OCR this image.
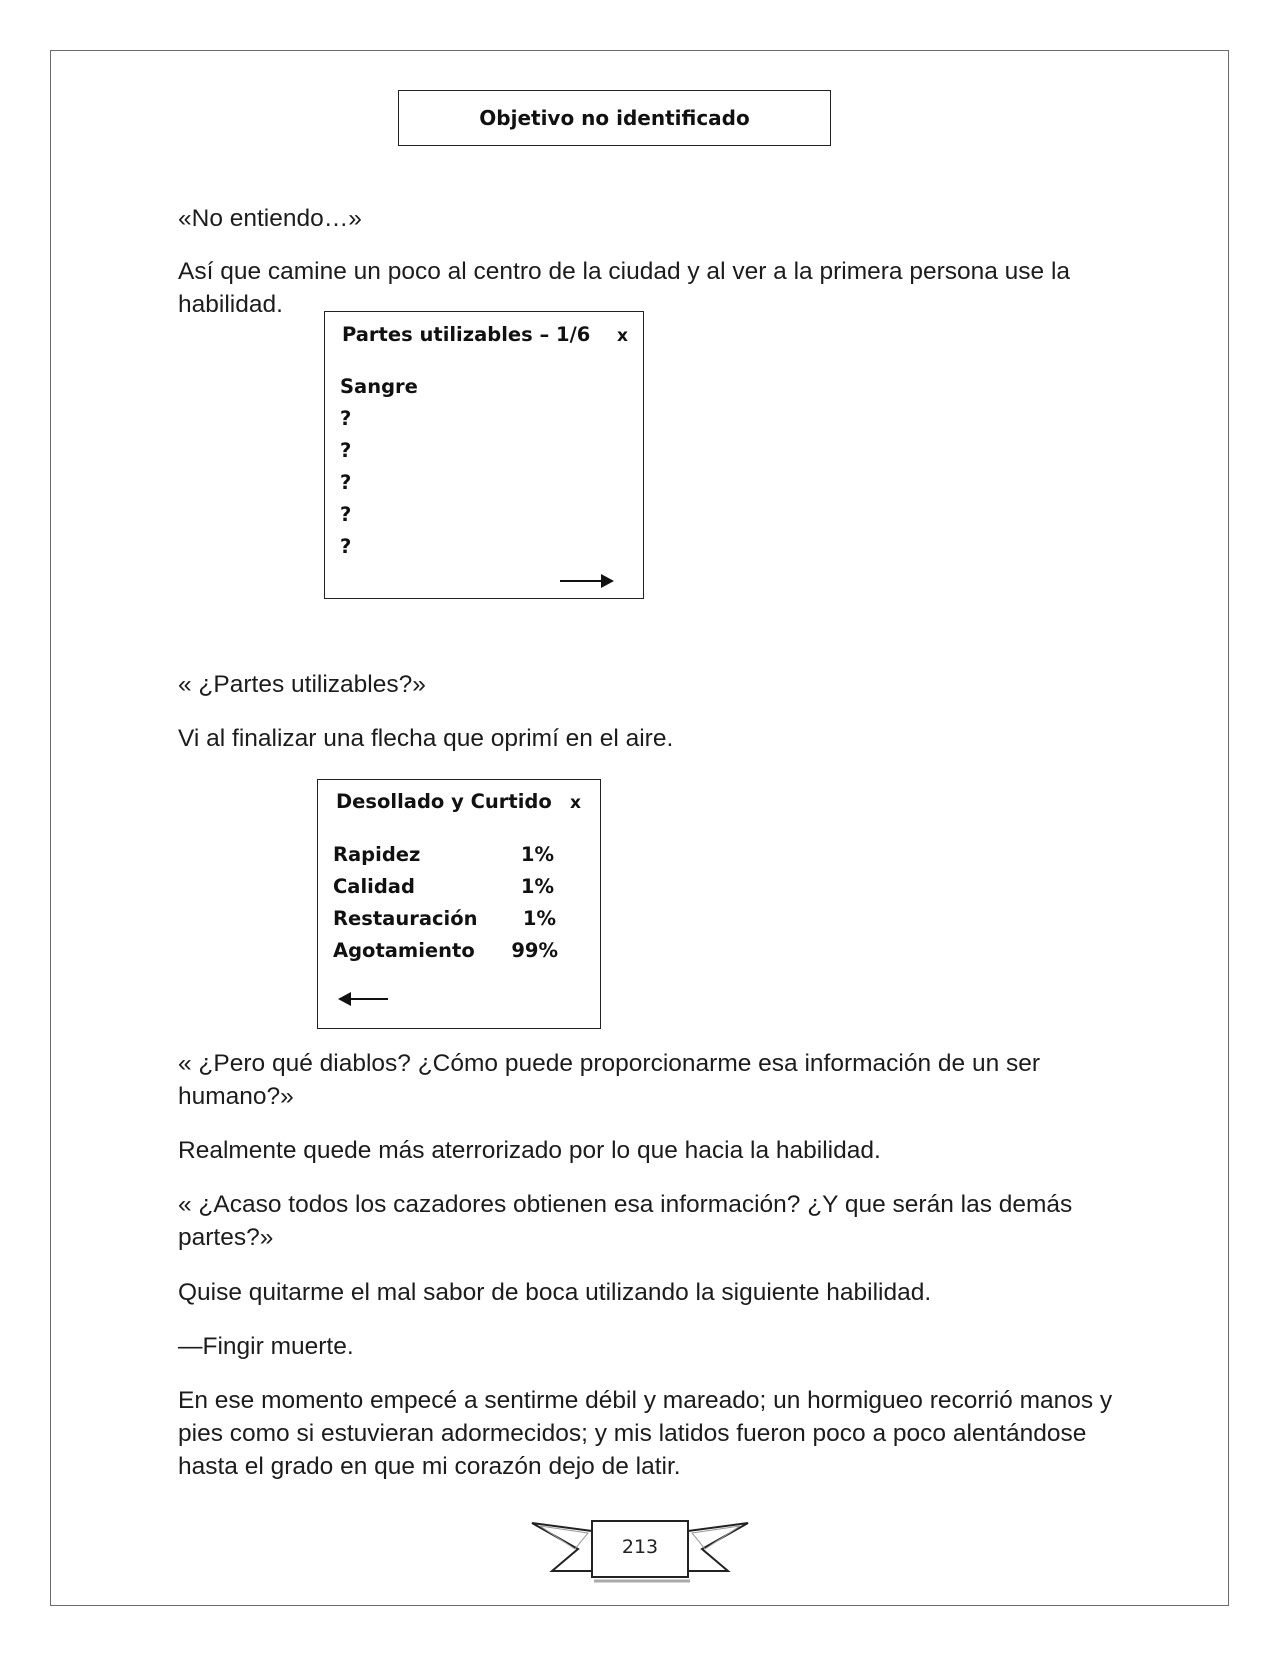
Objetivo no identificado

«No entiendo…»

Así que camine un poco al centro de la ciudad y al ver a la primera persona use la habilidad.

Partes utilizables – 1/6 x
Sangre
?
?
?
?
?

« ¿Partes utilizables?»

Vi al finalizar una flecha que oprimí en el aire.

Desollado y Curtido x
Rapidez	1%
Calidad	1%
Restauración	1%
Agotamiento	99%

« ¿Pero qué diablos? ¿Cómo puede proporcionarme esa información de un ser humano?»

Realmente quede más aterrorizado por lo que hacia la habilidad.

« ¿Acaso todos los cazadores obtienen esa información? ¿Y que serán las demás partes?»

Quise quitarme el mal sabor de boca utilizando la siguiente habilidad.

—Fingir muerte.

En ese momento empecé a sentirme débil y mareado; un hormigueo recorrió manos y pies como si estuvieran adormecidos; y mis latidos fueron poco a poco alentándose hasta el grado en que mi corazón dejo de latir.

213
